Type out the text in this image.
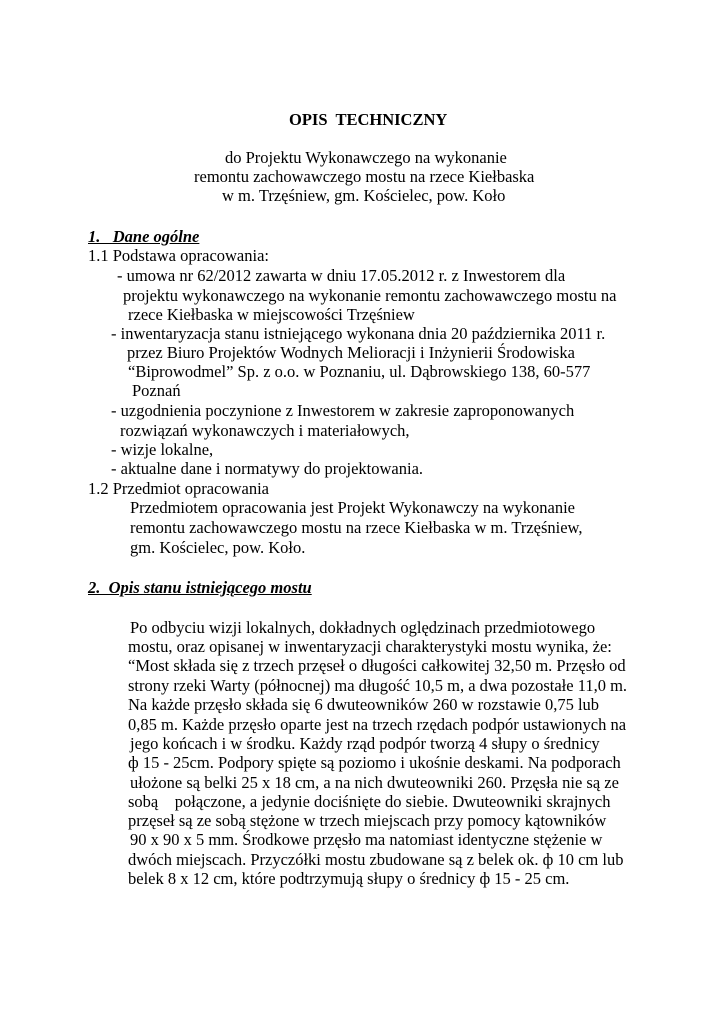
OPIS  TECHNICZNY
do Projektu Wykonawczego na wykonanie
remontu zachowawczego mostu na rzece Kiełbaska
w m. Trzęśniew, gm. Kościelec, pow. Koło
1.   Dane ogólne
1.1 Podstawa opracowania:
- umowa nr 62/2012 zawarta w dniu 17.05.2012 r. z Inwestorem dla
projektu wykonawczego na wykonanie remontu zachowawczego mostu na
rzece Kiełbaska w miejscowości Trzęśniew
- inwentaryzacja stanu istniejącego wykonana dnia 20 października 2011 r.
przez Biuro Projektów Wodnych Melioracji i Inżynierii Środowiska
“Biprowodmel” Sp. z o.o. w Poznaniu, ul. Dąbrowskiego 138, 60-577
Poznań
- uzgodnienia poczynione z Inwestorem w zakresie zaproponowanych
rozwiązań wykonawczych i materiałowych,
- wizje lokalne,
- aktualne dane i normatywy do projektowania.
1.2 Przedmiot opracowania
Przedmiotem opracowania jest Projekt Wykonawczy na wykonanie
remontu zachowawczego mostu na rzece Kiełbaska w m. Trzęśniew,
gm. Kościelec, pow. Koło.
2.  Opis stanu istniejącego mostu
Po odbyciu wizji lokalnych, dokładnych oględzinach przedmiotowego
mostu, oraz opisanej w inwentaryzacji charakterystyki mostu wynika, że:
“Most składa się z trzech przęseł o długości całkowitej 32,50 m. Przęsło od
strony rzeki Warty (północnej) ma długość 10,5 m, a dwa pozostałe 11,0 m.
Na każde przęsło składa się 6 dwuteowników 260 w rozstawie 0,75 lub
0,85 m. Każde przęsło oparte jest na trzech rzędach podpór ustawionych na
jego końcach i w środku. Każdy rząd podpór tworzą 4 słupy o średnicy
ф 15 - 25cm. Podpory spięte są poziomo i ukośnie deskami. Na podporach
ułożone są belki 25 x 18 cm, a na nich dwuteowniki 260. Przęsła nie są ze
sobą    połączone, a jedynie dociśnięte do siebie. Dwuteowniki skrajnych
przęseł są ze sobą stężone w trzech miejscach przy pomocy kątowników
90 x 90 x 5 mm. Środkowe przęsło ma natomiast identyczne stężenie w
dwóch miejscach. Przyczółki mostu zbudowane są z belek ok. ф 10 cm lub
belek 8 x 12 cm, które podtrzymują słupy o średnicy ф 15 - 25 cm.
